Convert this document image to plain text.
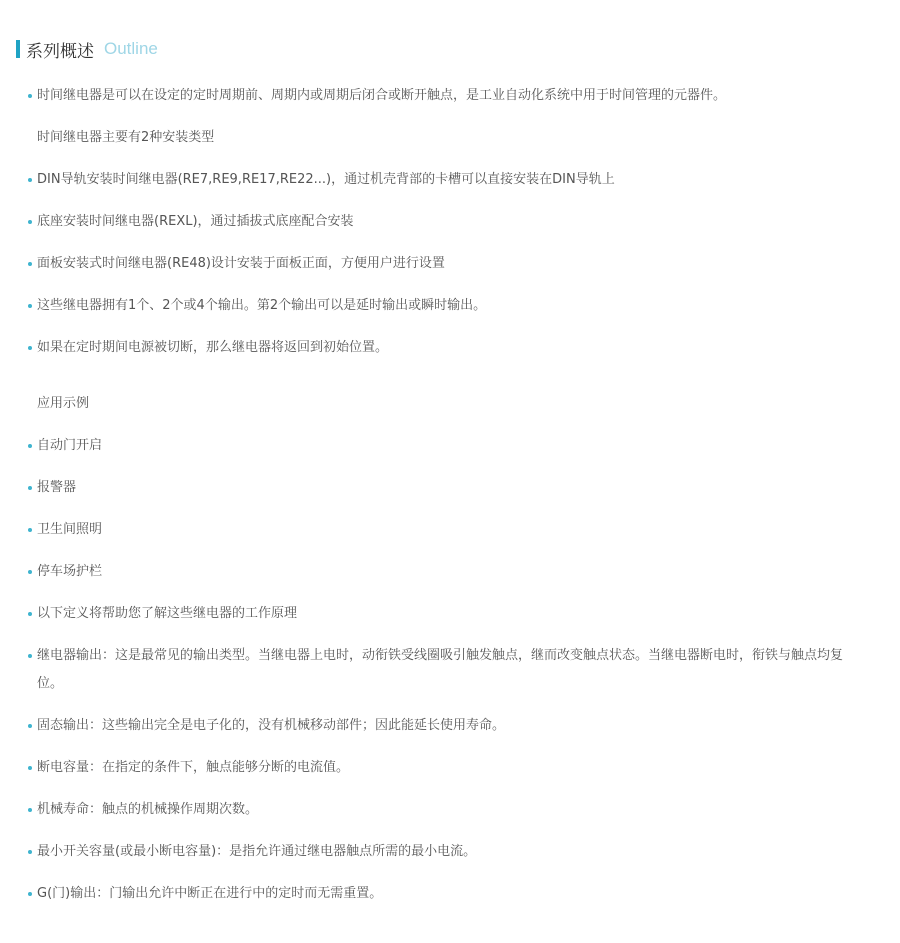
系列概述 Outline
时间继电器是可以在设定的定时周期前、周期内或周期后闭合或断开触点，是工业自动化系统中用于时间管理的元器件。
时间继电器主要有2种安装类型
DIN导轨安装时间继电器(RE7,RE9,RE17,RE22...)，通过机壳背部的卡槽可以直接安装在DIN导轨上
底座安装时间继电器(REXL)，通过插拔式底座配合安装
面板安装式时间继电器(RE48)设计安装于面板正面，方便用户进行设置
这些继电器拥有1个、2个或4个输出。第2个输出可以是延时输出或瞬时输出。
如果在定时期间电源被切断，那么继电器将返回到初始位置。
应用示例
自动门开启
报警器
卫生间照明
停车场护栏
以下定义将帮助您了解这些继电器的工作原理
继电器输出：这是最常见的输出类型。当继电器上电时，动衔铁受线圈吸引触发触点，继而改变触点状态。当继电器断电时，衔铁与触点均复位。
固态输出：这些输出完全是电子化的，没有机械移动部件；因此能延长使用寿命。
断电容量：在指定的条件下，触点能够分断的电流值。
机械寿命：触点的机械操作周期次数。
最小开关容量(或最小断电容量)：是指允许通过继电器触点所需的最小电流。
G(门)输出：门输出允许中断正在进行中的定时而无需重置。
